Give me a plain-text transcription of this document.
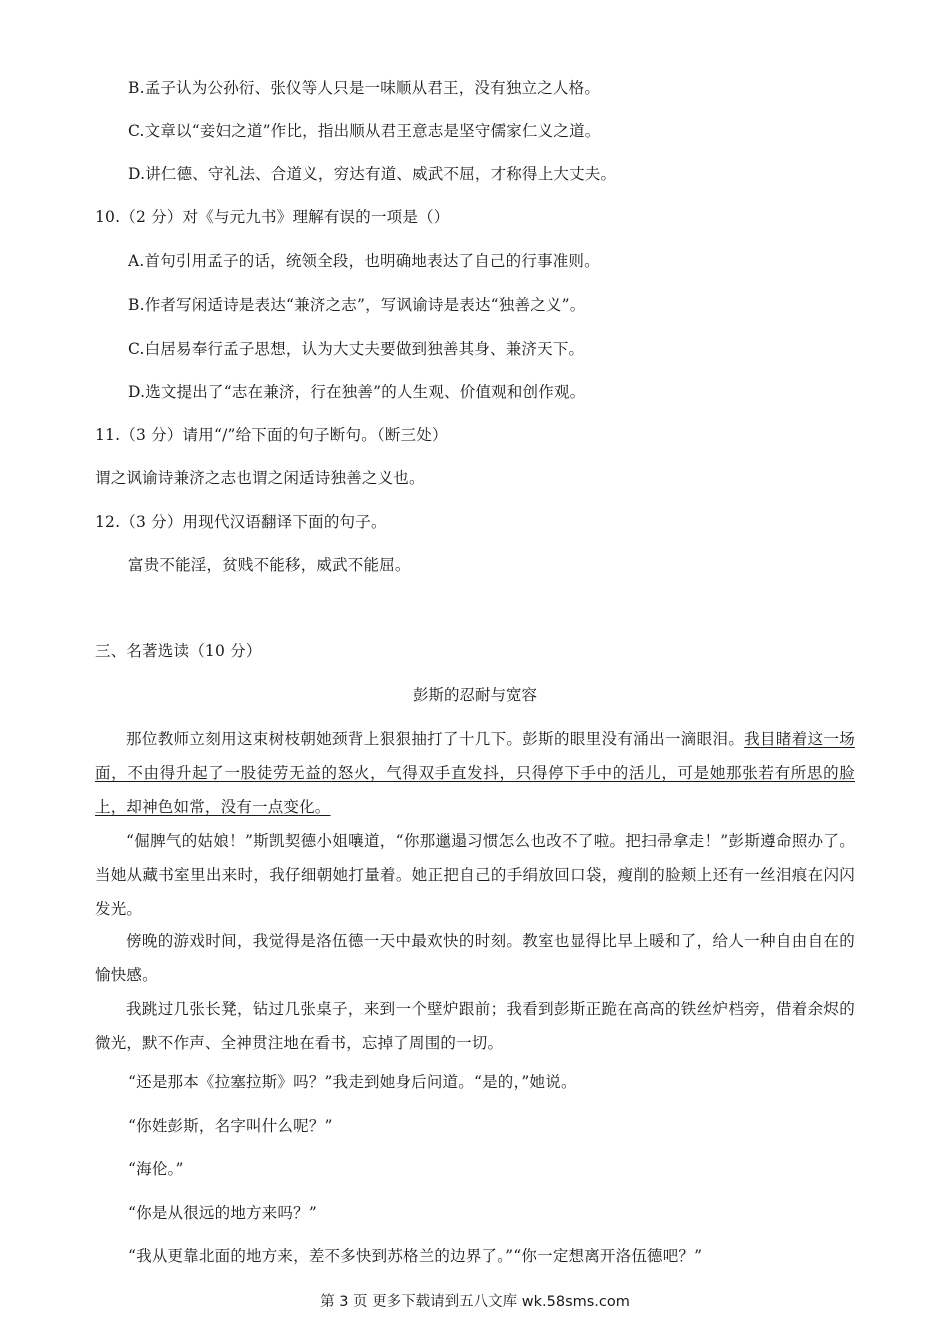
B.孟子认为公孙衍、张仪等人只是一味顺从君王，没有独立之人格。
C.文章以“妾妇之道”作比，指出顺从君王意志是坚守儒家仁义之道。
D.讲仁德、守礼法、合道义，穷达有道、威武不屈，才称得上大丈夫。
10.（2 分）对《与元九书》理解有误的一项是（）
A.首句引用孟子的话，统领全段，也明确地表达了自己的行事准则。
B.作者写闲适诗是表达“兼济之志”，写讽谕诗是表达“独善之义”。
C.白居易奉行孟子思想，认为大丈夫要做到独善其身、兼济天下。
D.选文提出了“志在兼济，行在独善”的人生观、价值观和创作观。
11.（3 分）请用“/”给下面的句子断句。（断三处）
谓之讽谕诗兼济之志也谓之闲适诗独善之义也。
12.（3 分）用现代汉语翻译下面的句子。
富贵不能淫，贫贱不能移，威武不能屈。
三、名著选读（10 分）
彭斯的忍耐与宽容
那位教师立刻用这束树枝朝她颈背上狠狠抽打了十几下。彭斯的眼里没有涌出一滴眼泪。我目睹着这一场面，不由得升起了一股徒劳无益的怒火，气得双手直发抖，只得停下手中的活儿，可是她那张若有所思的脸上，却神色如常，没有一点变化。
“倔脾气的姑娘！”斯凯契德小姐嚷道，“你那邋遢习惯怎么也改不了啦。把扫帚拿走！”彭斯遵命照办了。当她从藏书室里出来时，我仔细朝她打量着。她正把自己的手绢放回口袋，瘦削的脸颊上还有一丝泪痕在闪闪发光。
傍晚的游戏时间，我觉得是洛伍德一天中最欢快的时刻。教室也显得比早上暖和了，给人一种自由自在的愉快感。
我跳过几张长凳，钻过几张桌子，来到一个壁炉跟前；我看到彭斯正跪在高高的铁丝炉档旁，借着余烬的微光，默不作声、全神贯注地在看书，忘掉了周围的一切。
“还是那本《拉塞拉斯》吗？”我走到她身后问道。“是的，”她说。
“你姓彭斯，名字叫什么呢？”
“海伦。”
“你是从很远的地方来吗？”
“我从更靠北面的地方来，差不多快到苏格兰的边界了。”“你一定想离开洛伍德吧？”
第 3 页 更多下载请到五八文库 wk.58sms.com
